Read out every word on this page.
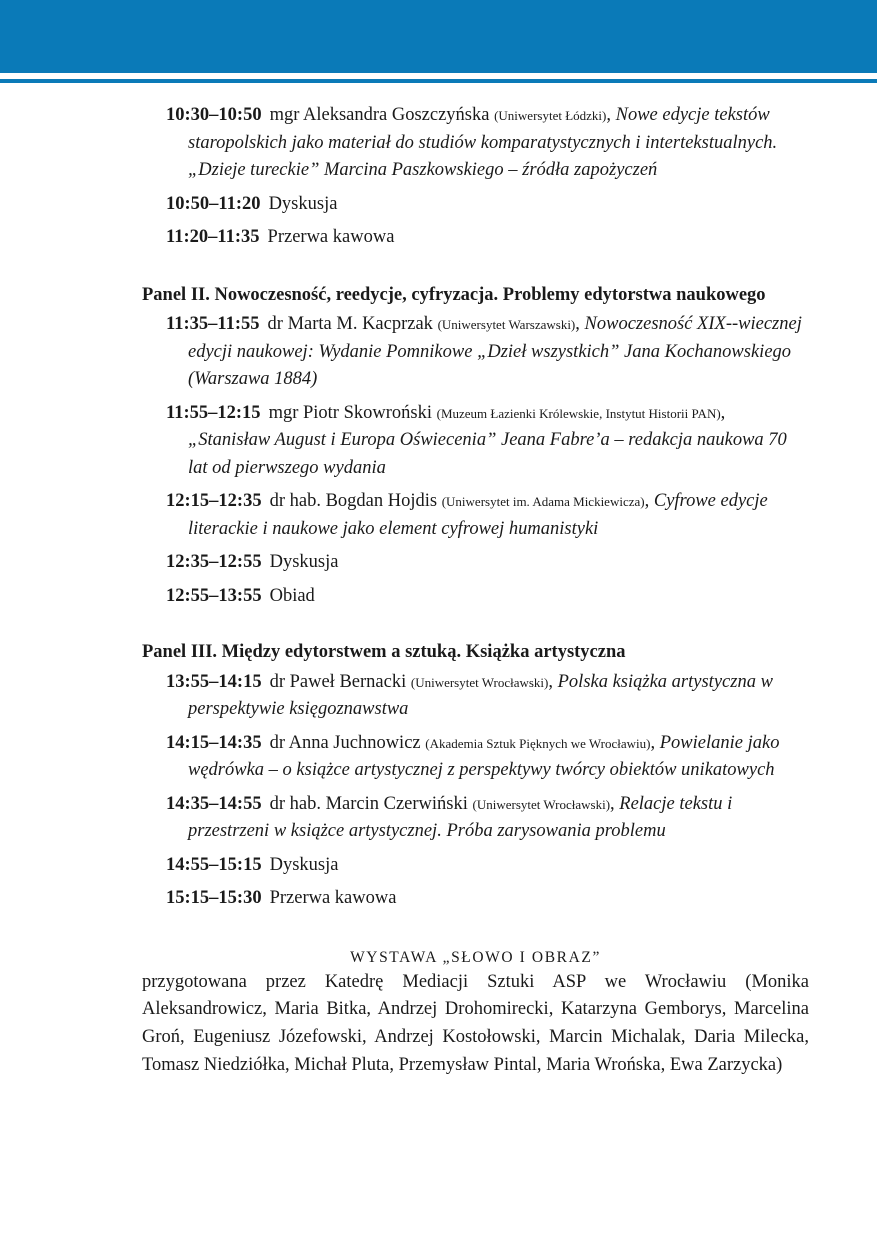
10:30–10:50 mgr Aleksandra Goszczyńska (Uniwersytet Łódzki), Nowe edycje tekstów staropolskich jako materiał do studiów komparatystycznych i intertekstualnych. „Dzieje tureckie” Marcina Paszkowskiego – źródła zapożyczeń

10:50–11:20 Dyskusja

11:20–11:35 Przerwa kawowa

Panel II. Nowoczesność, reedycje, cyfryzacja. Problemy edytorstwa naukowego

11:35–11:55 dr Marta M. Kacprzak (Uniwersytet Warszawski), Nowoczesność XIX--wiecznej edycji naukowej: Wydanie Pomnikowe „Dzieł wszystkich” Jana Kochanowskiego (Warszawa 1884)

11:55–12:15 mgr Piotr Skowroński (Muzeum Łazienki Królewskie, Instytut Historii PAN), „Stanisław August i Europa Oświecenia” Jeana Fabre’a – redakcja naukowa 70 lat od pierwszego wydania

12:15–12:35 dr hab. Bogdan Hojdis (Uniwersytet im. Adama Mickiewicza), Cyfrowe edycje literackie i naukowe jako element cyfrowej humanistyki

12:35–12:55 Dyskusja

12:55–13:55 Obiad

Panel III. Między edytorstwem a sztuką. Książka artystyczna

13:55–14:15 dr Paweł Bernacki (Uniwersytet Wrocławski), Polska książka artystyczna w perspektywie księgoznawstwa

14:15–14:35 dr Anna Juchnowicz (Akademia Sztuk Pięknych we Wrocławiu), Powielanie jako wędrówka – o książce artystycznej z perspektywy twórcy obiektów unikatowych

14:35–14:55 dr hab. Marcin Czerwiński (Uniwersytet Wrocławski), Relacje tekstu i przestrzeni w książce artystycznej. Próba zarysowania problemu

14:55–15:15 Dyskusja

15:15–15:30 Przerwa kawowa

WYSTAWA „SŁOWO I OBRAZ”

przygotowana przez Katedrę Mediacji Sztuki ASP we Wrocławiu (Monika Aleksandrowicz, Maria Bitka, Andrzej Drohomirecki, Katarzyna Gemborys, Marcelina Groń, Eugeniusz Józefowski, Andrzej Kostołowski, Marcin Michalak, Daria Milecka, Tomasz Niedziółka, Michał Pluta, Przemysław Pintal, Maria Wrońska, Ewa Zarzycka)
